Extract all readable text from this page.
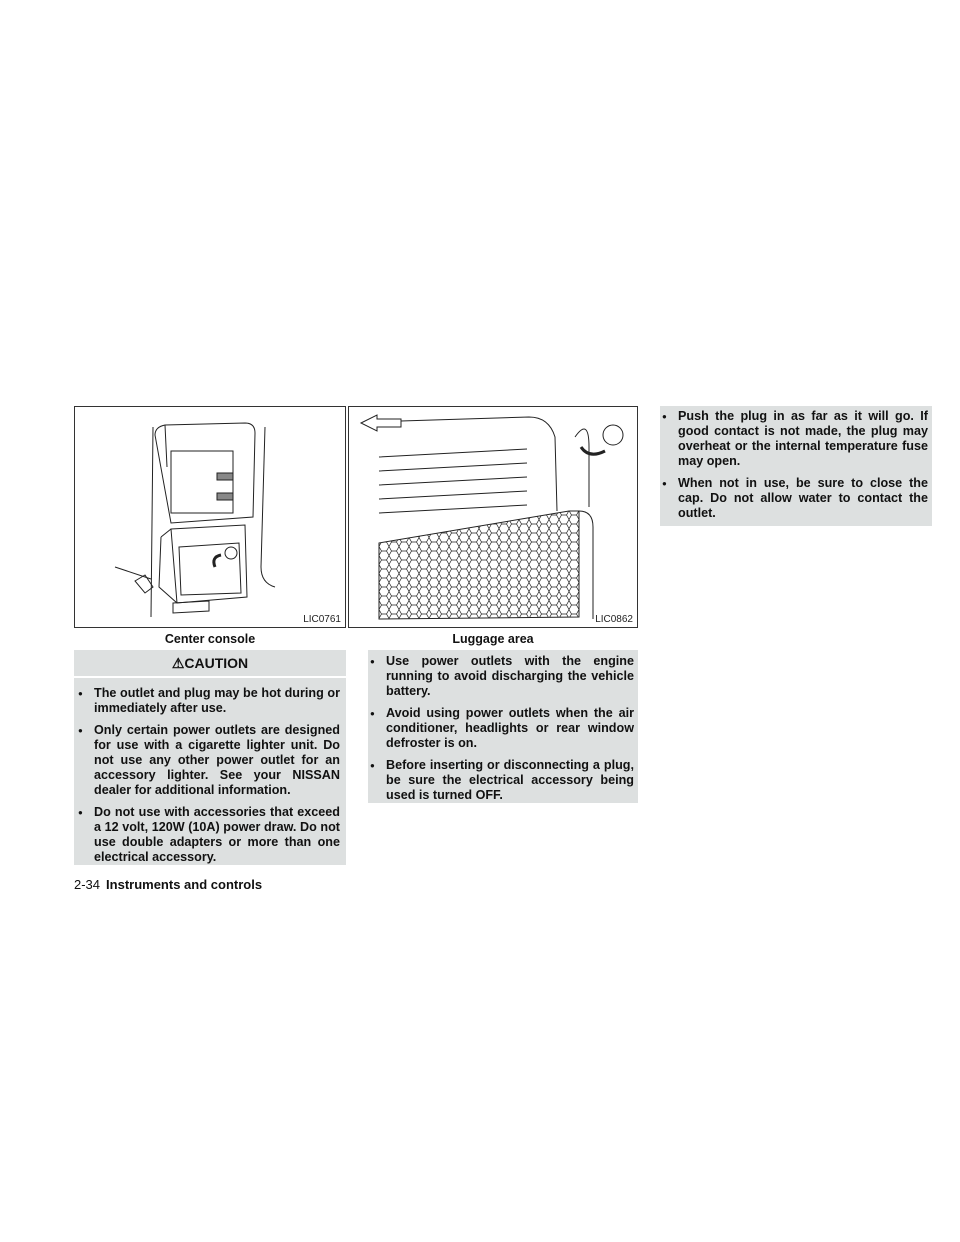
LIC0761
Center console
LIC0862
Luggage area
⚠CAUTION
● The outlet and plug may be hot during or immediately after use.
● Only certain power outlets are designed for use with a cigarette lighter unit. Do not use any other power outlet for an accessory lighter. See your NISSAN dealer for additional information.
● Do not use with accessories that exceed a 12 volt, 120W (10A) power draw. Do not use double adapters or more than one electrical accessory.
● Use power outlets with the engine running to avoid discharging the vehicle battery.
● Avoid using power outlets when the air conditioner, headlights or rear window defroster is on.
● Before inserting or disconnecting a plug, be sure the electrical accessory being used is turned OFF.
● Push the plug in as far as it will go. If good contact is not made, the plug may overheat or the internal temperature fuse may open.
● When not in use, be sure to close the cap. Do not allow water to contact the outlet.
2-34 Instruments and controls
